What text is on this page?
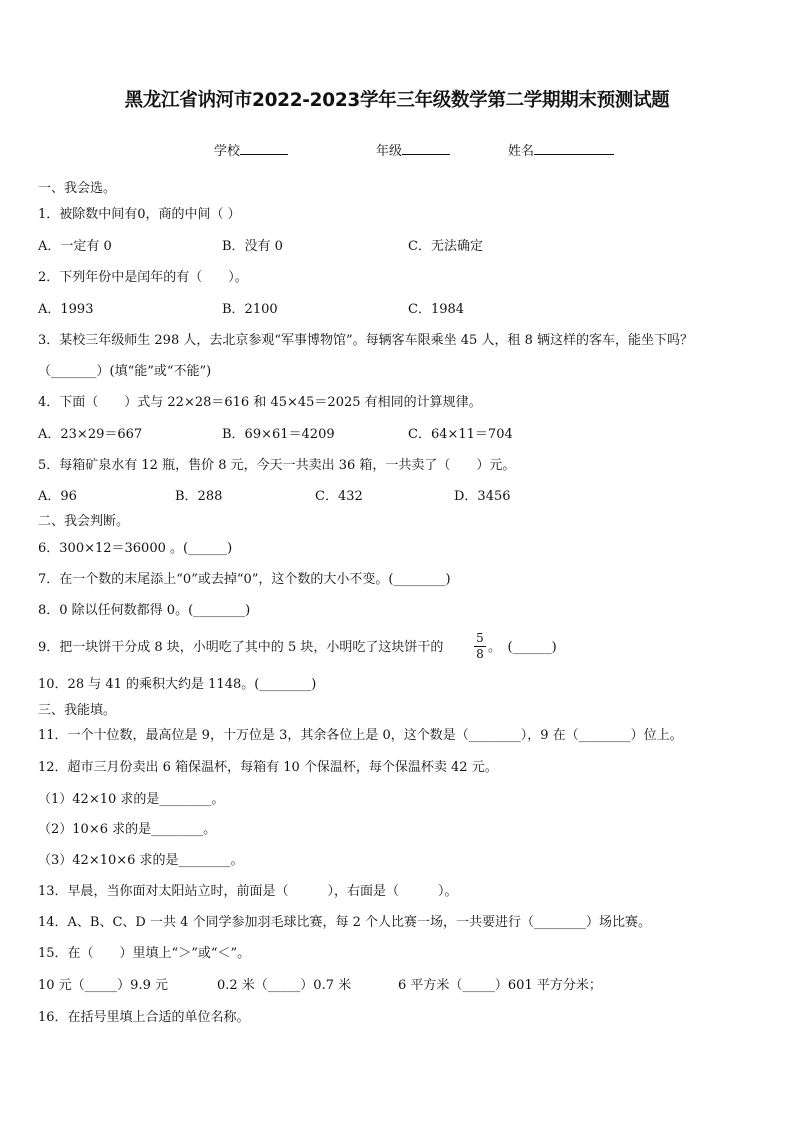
黑龙江省讷河市2022-2023学年三年级数学第二学期期末预测试题
学校	年级	姓名
一、我会选。
1．被除数中间有0，商的中间（ ）
A．一定有 0	B．没有 0	C．无法确定
2．下列年份中是闰年的有（　　）。
A．1993	B．2100	C．1984
3．某校三年级师生 298 人，去北京参观“军事博物馆”。每辆客车限乘坐 45 人，租 8 辆这样的客车，能坐下吗？
（_______）(填“能”或“不能”)
4．下面（　　）式与 22×28＝616 和 45×45＝2025 有相同的计算规律。
A．23×29＝667	B．69×61＝4209	C．64×11＝704
5．每箱矿泉水有 12 瓶，售价 8 元，今天一共卖出 36 箱，一共卖了（　　）元。
A．96	B．288	C．432	D．3456
二、我会判断。
6．300×12＝36000 。(______)
7．在一个数的末尾添上“0”或去掉“0”，这个数的大小不变。(________)
8．0 除以任何数都得 0。(________)
9．把一块饼干分成 8 块，小明吃了其中的 5 块，小明吃了这块饼干的
5
8 。　(______)
10．28 与 41 的乘积大约是 1148。(________)
三、我能填。
11．一个十位数，最高位是 9，十万位是 3，其余各位上是 0，这个数是（________），9 在（________）位上。
12．超市三月份卖出 6 箱保温杯，每箱有 10 个保温杯，每个保温杯卖 42 元。
（1）42×10 求的是________。
（2）10×6 求的是________。
（3）42×10×6 求的是________。
13．早晨，当你面对太阳站立时，前面是（　　　），右面是（　　　）。
14．A、B、C、D 一共 4 个同学参加羽毛球比赛，每 2 个人比赛一场，一共要进行（________）场比赛。
15．在（　　）里填上“＞”或“＜”。
10 元（_____）9.9 元	0.2 米（_____）0.7 米	6 平方米（_____）601 平方分米；
16．在括号里填上合适的单位名称。
